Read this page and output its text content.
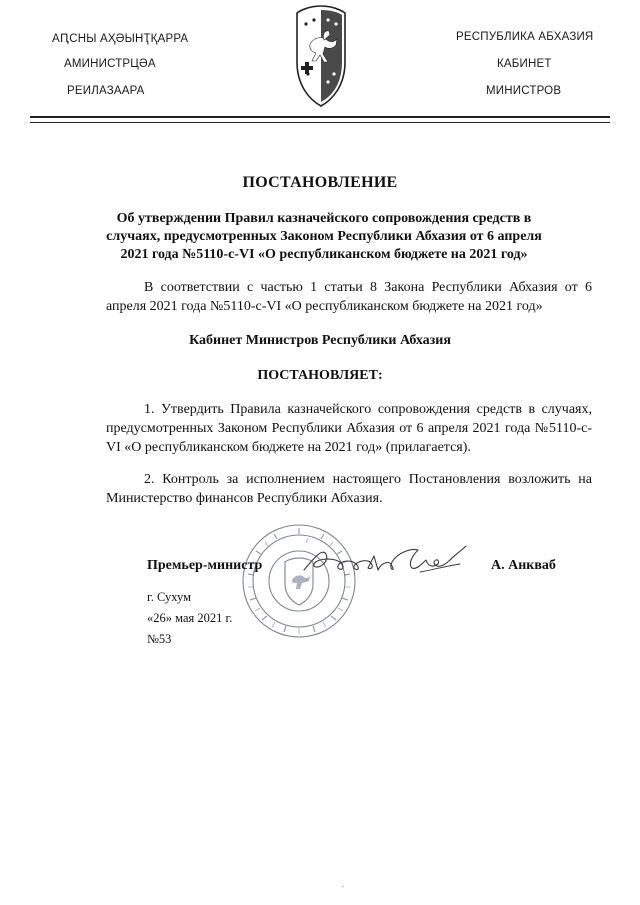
АԤСНЫ АҲӘЫНҬҚАРРА
АМИНИСТРЦӘА
РЕИЛАЗААРА
РЕСПУБЛИКА АБХАЗИЯ
КАБИНЕТ
МИНИСТРОВ
ПОСТАНОВЛЕНИЕ
Об утверждении Правил казначейского сопровождения средств в случаях, предусмотренных Законом Республики Абхазия от 6 апреля 2021 года №5110-с-VI «О республиканском бюджете на 2021 год»
В соответствии с частью 1 статьи 8 Закона Республики Абхазия от 6 апреля 2021 года №5110-с-VI «О республиканском бюджете на 2021 год»
Кабинет Министров Республики Абхазия
ПОСТАНОВЛЯЕТ:
1. Утвердить Правила казначейского сопровождения средств в случаях, предусмотренных Законом Республики Абхазия от 6 апреля 2021 года №5110-с-VI «О республиканском бюджете на 2021 год» (прилагается).
2. Контроль за исполнением настоящего Постановления возложить на Министерство финансов Республики Абхазия.
Премьер-министр	А. Анкваб
г. Сухум
«26» мая 2021 г.
№53
·
